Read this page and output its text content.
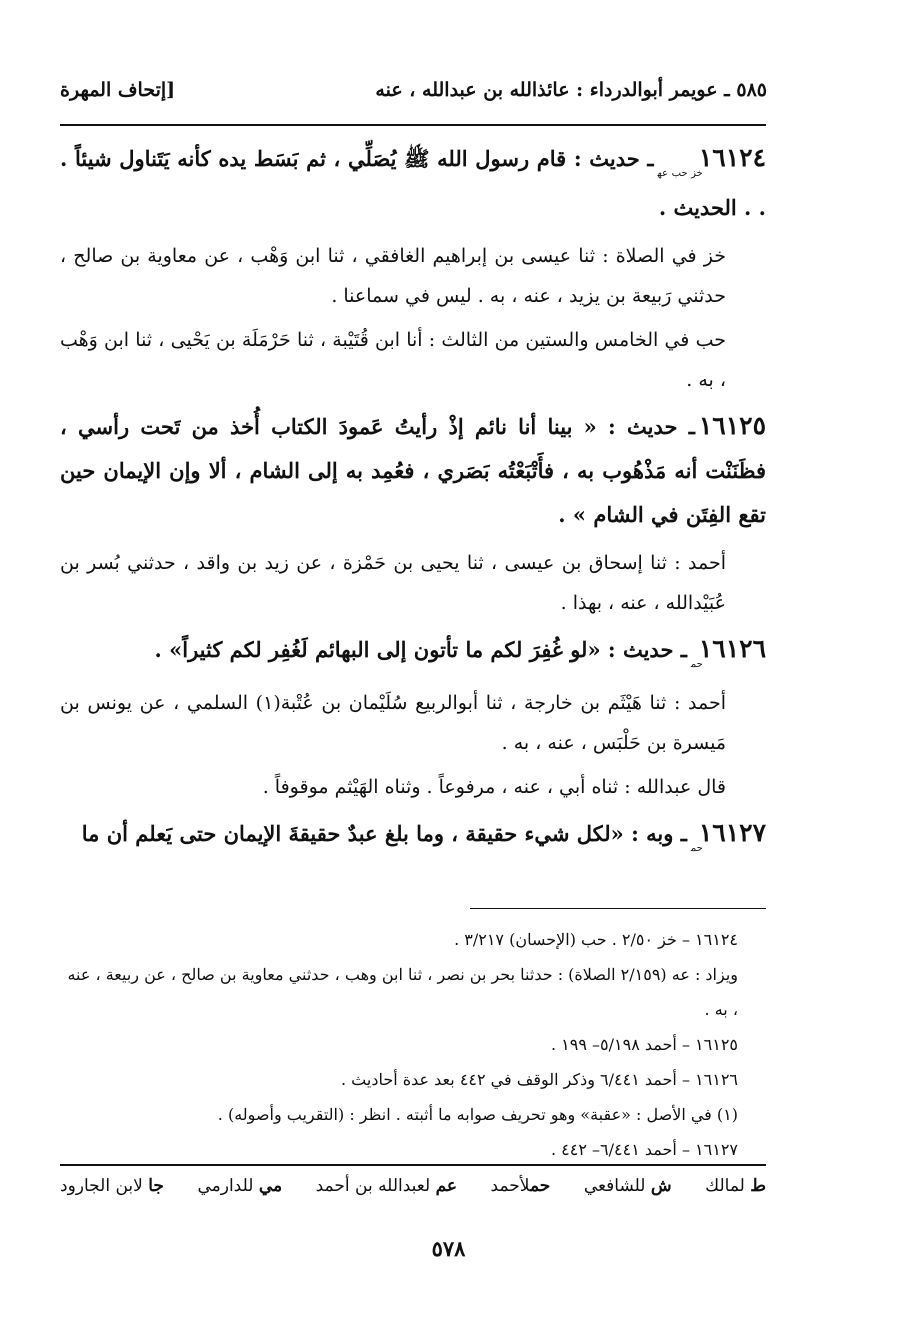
٥٨٥ ـ عويمر أبوالدرداء : عائذالله بن عبدالله ، عنه
[إتحاف المهرة

$١٦١٢٤_{خز حب عه}ـ$ حديث : قام رسول الله ﷺ يُصَلِّي ، ثم بَسَط يده كأنه يَتَناول شيئاً . . . الحديث .

خز في الصلاة : ثنا عيسى بن إبراهيم الغافقي ، ثنا ابن وَهْب ، عن معاوية بن صالح ، حدثني رَبيعة بن يزيد ، عنه ، به . ليس في سماعنا .

حب في الخامس والستين من الثالث : أنا ابن قُتَيْبة ، ثنا حَرْمَلَة بن يَحْيى ، ثنا ابن وَهْب ، به .

١٦١٢٥ـ حديث : « بينا أنا نائم إذْ رأيتُ عَمودَ الكتاب أُخذ من تَحت رأسي ، فظَنَنْت أنه مَذْهُوب به ، فأَتْبَعْتُه بَصَري ، فعُمِد به إلى الشام ، ألا وإن الإيمان حين تقع الفِتَن في الشام » .

أحمد : ثنا إسحاق بن عيسى ، ثنا يحيى بن حَمْزة ، عن زيد بن واقد ، حدثني بُسر بن عُبَيْدالله ، عنه ، بهذا .

$١٦١٢٦_{حم}ـ$ حديث : «لو غُفِرَ لكم ما تأتون إلى البهائم لَغُفِر لكم كثيراً» .

أحمد : ثنا هَيْثَم بن خارجة ، ثنا أبوالربيع سُلَيْمان بن عُتْبة(١) السلمي ، عن يونس بن مَيسرة بن حَلْبَس ، عنه ، به .

قال عبدالله : ثناه أبي ، عنه ، مرفوعاً . وثناه الهَيْثم موقوفاً .

$١٦١٢٧_{حم}ـ$ وبه : «لكل شيء حقيقة ، وما بلغ عبدٌ حقيقةَ الإيمان حتى يَعلم أن ما

١٦١٢٤ – خز ٢/٥٠ . حب (الإحسان) ٣/٢١٧ .

ويزاد : عه (٢/١٥٩ الصلاة) : حدثنا بحر بن نصر ، ثنا ابن وهب ، حدثني معاوية بن صالح ، عن ربيعة ، عنه ، به .

١٦١٢٥ – أحمد ٥/١٩٨– ١٩٩ .

١٦١٢٦ – أحمد ٦/٤٤١ وذكر الوقف في ٤٤٢ بعد عدة أحاديث .

(١) في الأصل : «عقبة» وهو تحريف صوابه ما أثبته . انظر : (التقريب وأصوله) .

١٦١٢٧ – أحمد ٦/٤٤١– ٤٤٢ .

ط لمالك
ش للشافعي
حملأحمد
عم لعبدالله بن أحمد
مي للدارمي
جا لابن الجارود
٥٧٨
